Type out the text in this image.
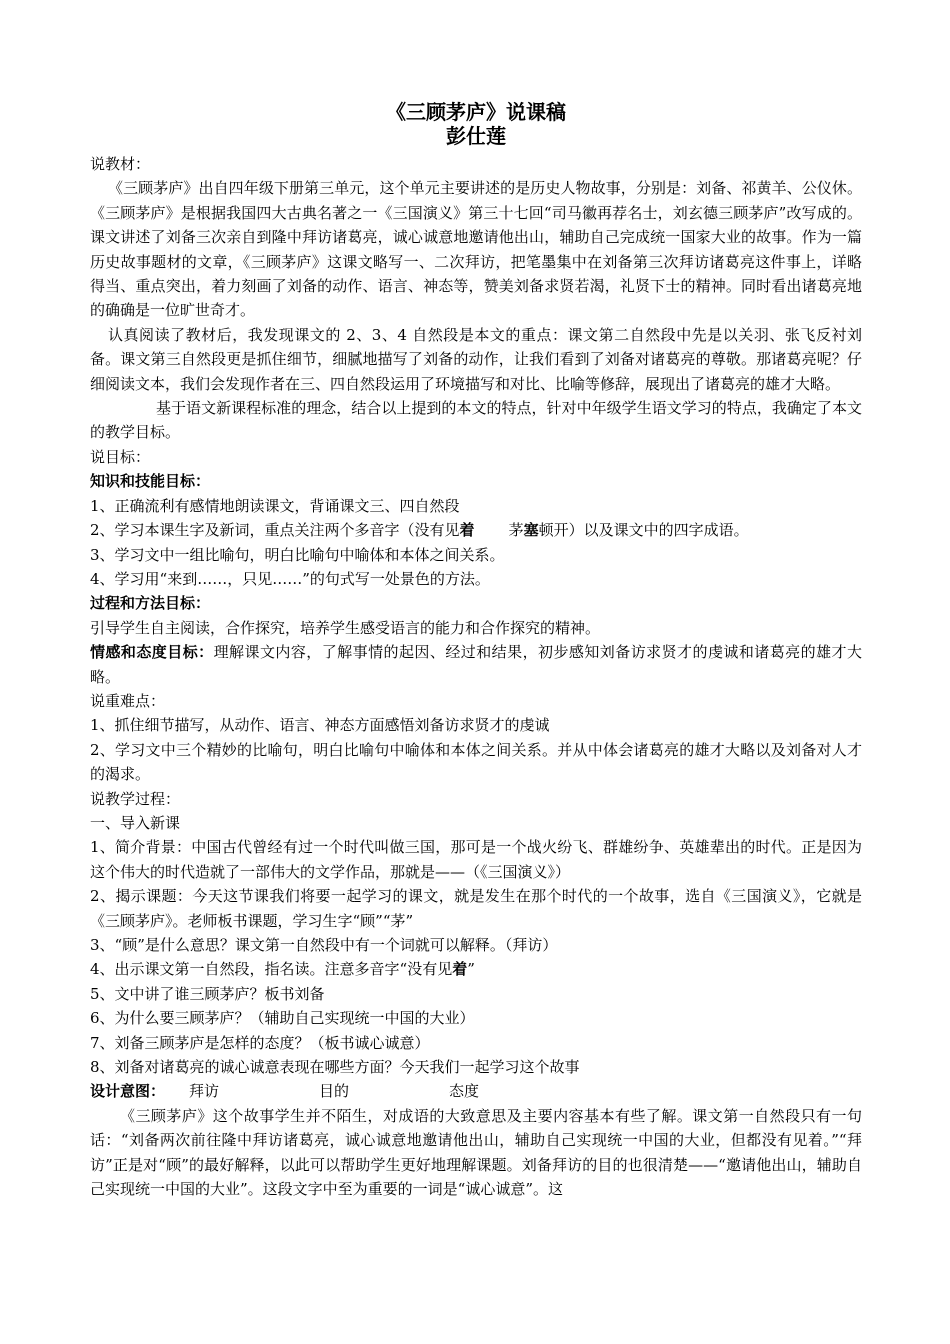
《三顾茅庐》说课稿
彭仕莲

说教材：

《三顾茅庐》出自四年级下册第三单元，这个单元主要讲述的是历史人物故事，分别是：刘备、祁黄羊、公仪休。《三顾茅庐》是根据我国四大古典名著之一《三国演义》第三十七回“司马徽再荐名士，刘玄德三顾茅庐”改写成的。课文讲述了刘备三次亲自到隆中拜访诸葛亮，诚心诚意地邀请他出山，辅助自己完成统一国家大业的故事。作为一篇历史故事题材的文章，《三顾茅庐》这课文略写一、二次拜访，把笔墨集中在刘备第三次拜访诸葛亮这件事上，详略得当、重点突出，着力刻画了刘备的动作、语言、神态等，赞美刘备求贤若渴，礼贤下士的精神。同时看出诸葛亮地的确确是一位旷世奇才。

认真阅读了教材后，我发现课文的 2、3、4 自然段是本文的重点：课文第二自然段中先是以关羽、张飞反衬刘备。课文第三自然段更是抓住细节，细腻地描写了刘备的动作，让我们看到了刘备对诸葛亮的尊敬。那诸葛亮呢？仔细阅读文本，我们会发现作者在三、四自然段运用了环境描写和对比、比喻等修辞，展现出了诸葛亮的雄才大略。

基于语文新课程标准的理念，结合以上提到的本文的特点，针对中年级学生语文学习的特点，我确定了本文的教学目标。

说目标：

知识和技能目标：

1、正确流利有感情地朗读课文，背诵课文三、四自然段

2、学习本课生字及新词，重点关注两个多音字（没有见着 茅塞顿开）以及课文中的四字成语。

3、学习文中一组比喻句，明白比喻句中喻体和本体之间关系。

4、学习用“来到……，只见……”的句式写一处景色的方法。

过程和方法目标：

引导学生自主阅读，合作探究，培养学生感受语言的能力和合作探究的精神。

情感和态度目标：理解课文内容，了解事情的起因、经过和结果，初步感知刘备访求贤才的虔诚和诸葛亮的雄才大略。

说重难点：

1、抓住细节描写，从动作、语言、神态方面感悟刘备访求贤才的虔诚

2、学习文中三个精妙的比喻句，明白比喻句中喻体和本体之间关系。并从中体会诸葛亮的雄才大略以及刘备对人才的渴求。

说教学过程：

一、导入新课

1、简介背景：中国古代曾经有过一个时代叫做三国，那可是一个战火纷飞、群雄纷争、英雄辈出的时代。正是因为这个伟大的时代造就了一部伟大的文学作品，那就是——（《三国演义》）

2、揭示课题：今天这节课我们将要一起学习的课文，就是发生在那个时代的一个故事，选自《三国演义》，它就是《三顾茅庐》。老师板书课题，学习生字“顾”“茅”

3、“顾”是什么意思？课文第一自然段中有一个词就可以解释。（拜访）

4、出示课文第一自然段，指名读。注意多音字“没有见着”

5、文中讲了谁三顾茅庐？板书刘备

6、为什么要三顾茅庐？（辅助自己实现统一中国的大业）

7、刘备三顾茅庐是怎样的态度？（板书诚心诚意）

8、刘备对诸葛亮的诚心诚意表现在哪些方面？今天我们一起学习这个故事

设计意图： 拜访	目的	态度

《三顾茅庐》这个故事学生并不陌生，对成语的大致意思及主要内容基本有些了解。课文第一自然段只有一句话：“刘备两次前往隆中拜访诸葛亮，诚心诚意地邀请他出山，辅助自己实现统一中国的大业，但都没有见着。”“拜访”正是对“顾”的最好解释，以此可以帮助学生更好地理解课题。刘备拜访的目的也很清楚——“邀请他出山，辅助自己实现统一中国的大业”。这段文字中至为重要的一词是“诚心诚意”。这
